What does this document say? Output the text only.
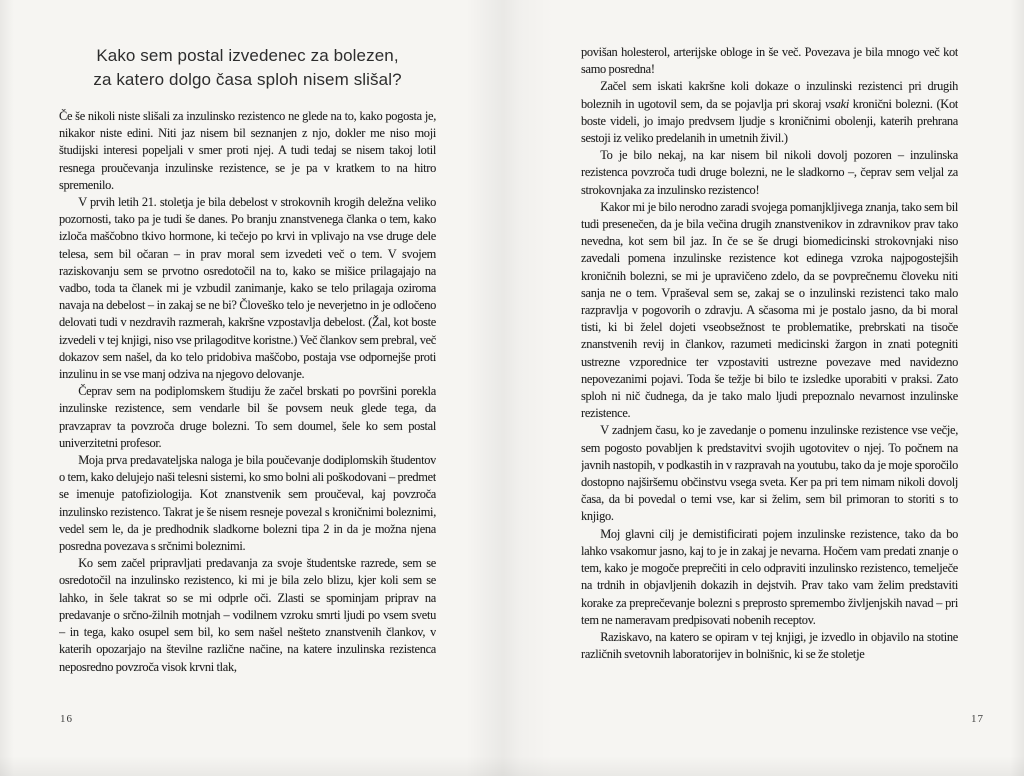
Kako sem postal izvedenec za bolezen,
za katero dolgo časa sploh nisem slišal?

Če še nikoli niste slišali za inzulinsko rezistenco ne glede na to, kako pogosta je, nikakor niste edini. Niti jaz nisem bil seznanjen z njo, dokler me niso moji študijski interesi popeljali v smer proti njej. A tudi tedaj se nisem takoj lotil resnega proučevanja inzulinske rezistence, se je pa v kratkem to na hitro spremenilo.

V prvih letih 21. stoletja je bila debelost v strokovnih krogih deležna veliko pozornosti, tako pa je tudi še danes. Po branju znanstvenega članka o tem, kako izloča maščobno tkivo hormone, ki tečejo po krvi in vplivajo na vse druge dele telesa, sem bil očaran – in prav moral sem izvedeti več o tem. V svojem raziskovanju sem se prvotno osredotočil na to, kako se mišice prilagajajo na vadbo, toda ta članek mi je vzbudil zanimanje, kako se telo prilagaja oziroma navaja na debelost – in zakaj se ne bi? Človeško telo je neverjetno in je odločeno delovati tudi v nezdravih razmerah, kakršne vzpostavlja debelost. (Žal, kot boste izvedeli v tej knjigi, niso vse prilagoditve koristne.) Več člankov sem prebral, več dokazov sem našel, da ko telo pridobiva maščobo, postaja vse odpornejše proti inzulinu in se vse manj odziva na njegovo delovanje.

Čeprav sem na podiplomskem študiju že začel brskati po površini porekla inzulinske rezistence, sem vendarle bil še povsem neuk glede tega, da pravzaprav ta povzroča druge bolezni. To sem doumel, šele ko sem postal univerzitetni profesor.

Moja prva predavateljska naloga je bila poučevanje dodiplomskih študentov o tem, kako delujejo naši telesni sistemi, ko smo bolni ali poškodovani – predmet se imenuje patofiziologija. Kot znanstvenik sem proučeval, kaj povzroča inzulinsko rezistenco. Takrat je še nisem resneje povezal s kroničnimi boleznimi, vedel sem le, da je predhodnik sladkorne bolezni tipa 2 in da je možna njena posredna povezava s srčnimi boleznimi.

Ko sem začel pripravljati predavanja za svoje študentske razrede, sem se osredotočil na inzulinsko rezistenco, ki mi je bila zelo blizu, kjer koli sem se lahko, in šele takrat so se mi odprle oči. Zlasti se spominjam priprav na predavanje o srčno-žilnih motnjah – vodilnem vzroku smrti ljudi po vsem svetu – in tega, kako osupel sem bil, ko sem našel nešteto znanstvenih člankov, v katerih opozarjajo na številne različne načine, na katere inzulinska rezistenca neposredno povzroča visok krvni tlak,

povišan holesterol, arterijske obloge in še več. Povezava je bila mnogo več kot samo posredna!

Začel sem iskati kakršne koli dokaze o inzulinski rezistenci pri drugih boleznih in ugotovil sem, da se pojavlja pri skoraj vsaki kronični bolezni. (Kot boste videli, jo imajo predvsem ljudje s kroničnimi obolenji, katerih prehrana sestoji iz veliko predelanih in umetnih živil.)

To je bilo nekaj, na kar nisem bil nikoli dovolj pozoren – inzulinska rezistenca povzroča tudi druge bolezni, ne le sladkorno –, čeprav sem veljal za strokovnjaka za inzulinsko rezistenco!

Kakor mi je bilo nerodno zaradi svojega pomanjkljivega znanja, tako sem bil tudi presenečen, da je bila večina drugih znanstvenikov in zdravnikov prav tako nevedna, kot sem bil jaz. In če se še drugi biomedicinski strokovnjaki niso zavedali pomena inzulinske rezistence kot edinega vzroka najpogostejših kroničnih bolezni, se mi je upravičeno zdelo, da se povprečnemu človeku niti sanja ne o tem. Vpraševal sem se, zakaj se o inzulinski rezistenci tako malo razpravlja v pogovorih o zdravju. A sčasoma mi je postalo jasno, da bi moral tisti, ki bi želel dojeti vseobsežnost te problematike, prebrskati na tisoče znanstvenih revij in člankov, razumeti medicinski žargon in znati potegniti ustrezne vzporednice ter vzpostaviti ustrezne povezave med navidezno nepovezanimi pojavi. Toda še težje bi bilo te izsledke uporabiti v praksi. Zato sploh ni nič čudnega, da je tako malo ljudi prepoznalo nevarnost inzulinske rezistence.

V zadnjem času, ko je zavedanje o pomenu inzulinske rezistence vse večje, sem pogosto povabljen k predstavitvi svojih ugotovitev o njej. To počnem na javnih nastopih, v podkastih in v razpravah na youtubu, tako da je moje sporočilo dostopno najširšemu občinstvu vsega sveta. Ker pa pri tem nimam nikoli dovolj časa, da bi povedal o temi vse, kar si želim, sem bil primoran to storiti s to knjigo.

Moj glavni cilj je demistificirati pojem inzulinske rezistence, tako da bo lahko vsakomur jasno, kaj to je in zakaj je nevarna. Hočem vam predati znanje o tem, kako je mogoče preprečiti in celo odpraviti inzulinsko rezistenco, temelječe na trdnih in objavljenih dokazih in dejstvih. Prav tako vam želim predstaviti korake za preprečevanje bolezni s preprosto spremembo življenjskih navad – pri tem ne nameravam predpisovati nobenih receptov.

Raziskavo, na katero se opiram v tej knjigi, je izvedlo in objavilo na stotine različnih svetovnih laboratorijev in bolnišnic, ki se že stoletje

16	17
